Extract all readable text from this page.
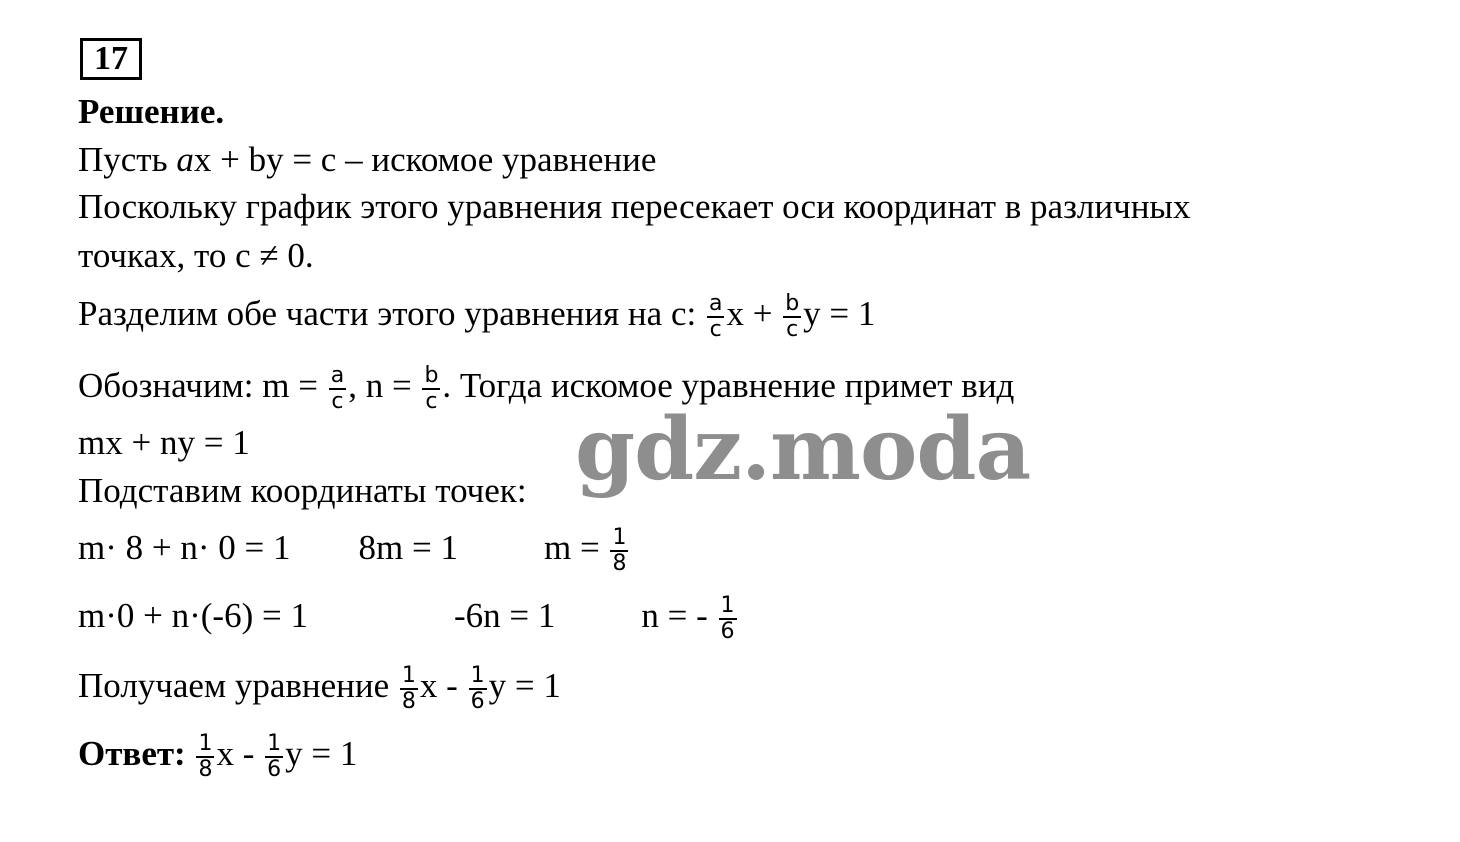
17
Решение.
Пусть ax + by = c – искомое уравнение
Поскольку график этого уравнения пересекает оси координат в различных
точках, то c ≠ 0.
Разделим обе части этого уравнения на c: $\frac{a}{c}$ $x + \frac{b}{c}$ y = 1
Обозначим: $m = \frac{a}{c}$ , $n = \frac{b}{c}$ . Тогда искомое уравнение примет вид
mx + ny = 1
Подставим координаты точек:
m· 8 + n· 0 = 1 8m = 1 $m = \frac{1}{8}$
m·0 + n·(-6) = 1	-6n = 1 n = - $\frac{1}{6}$
Получаем уравнение $\frac{1}{8}$ x - $\frac{1}{6}$ y = 1
Ответ: $\frac{1}{8}$ x - $\frac{1}{6}$ y = 1
gdz.moda
